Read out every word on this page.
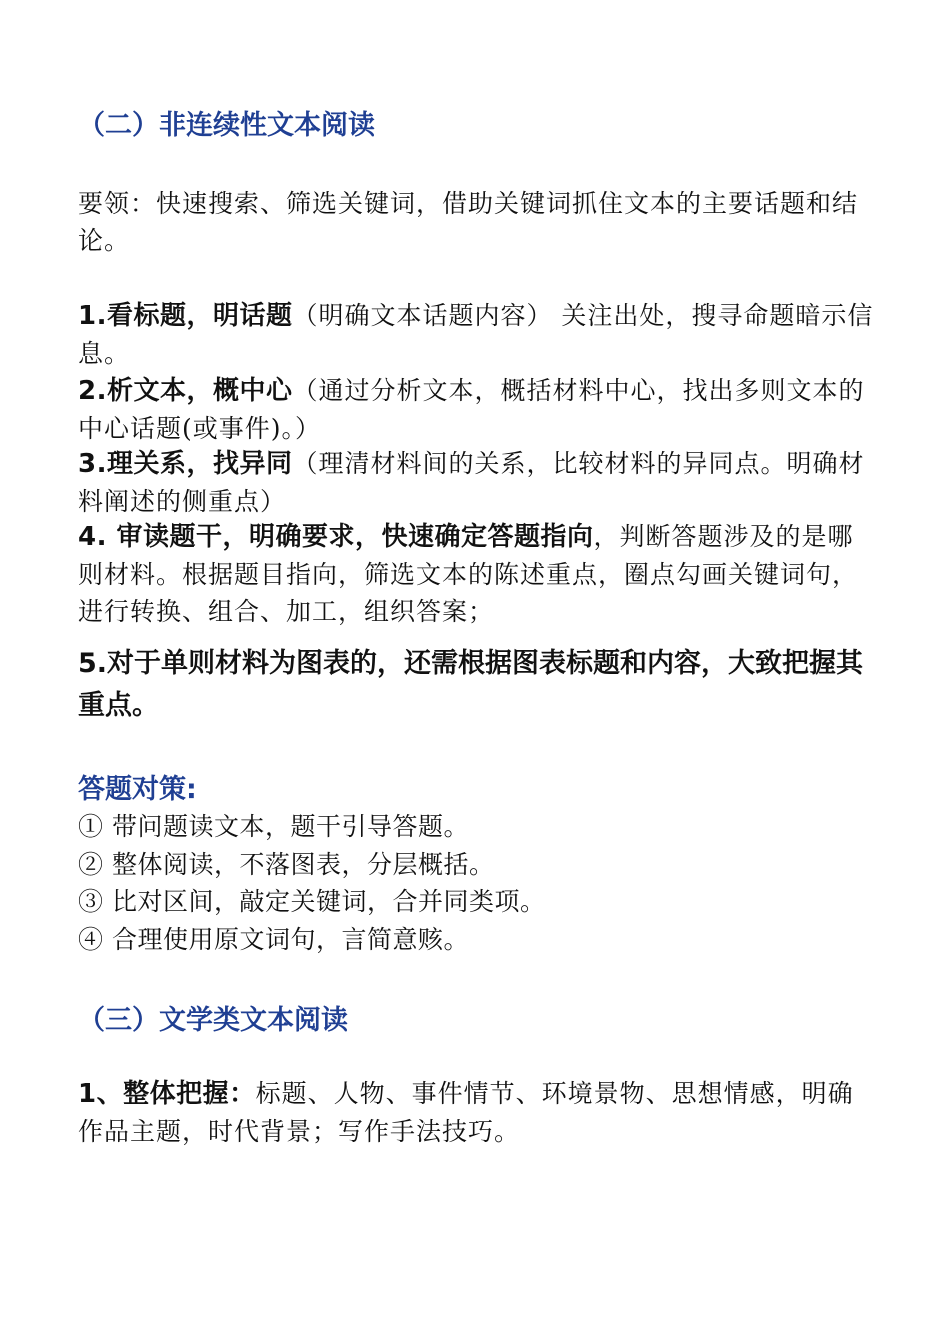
（二）非连续性文本阅读
要领：快速搜索、筛选关键词，借助关键词抓住文本的主要话题和结论。
1.看标题，明话题（明确文本话题内容） 关注出处，搜寻命题暗示信息。
2.析文本，概中心（通过分析文本，概括材料中心，找出多则文本的中心话题(或事件)。）
3.理关系，找异同（理清材料间的关系，比较材料的异同点。明确材料阐述的侧重点）
4. 审读题干，明确要求，快速确定答题指向，判断答题涉及的是哪则材料。根据题目指向，筛选文本的陈述重点，圈点勾画关键词句，进行转换、组合、加工，组织答案；
5.对于单则材料为图表的，还需根据图表标题和内容，大致把握其重点。
答题对策:
① 带问题读文本，题干引导答题。
② 整体阅读，不落图表，分层概括。
③ 比对区间，敲定关键词，合并同类项。
④ 合理使用原文词句，言简意赅。
（三）文学类文本阅读
1、整体把握：标题、人物、事件情节、环境景物、思想情感，明确作品主题，时代背景；写作手法技巧。
